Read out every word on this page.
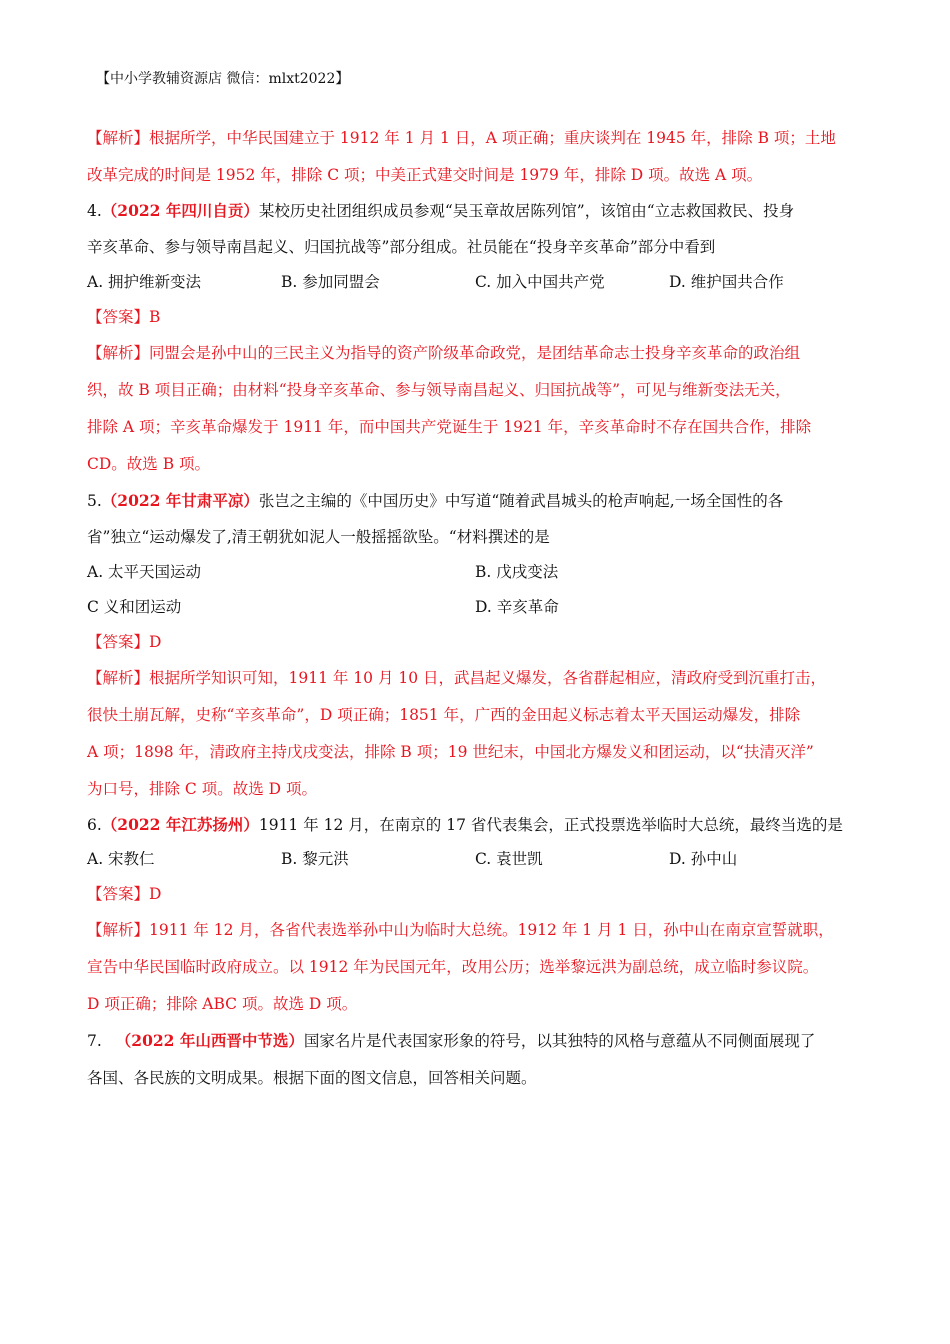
【中小学教辅资源店 微信：mlxt2022】
【解析】根据所学，中华民国建立于 1912 年 1 月 1 日，A 项正确；重庆谈判在 1945 年，排除 B 项；土地
改革完成的时间是 1952 年，排除 C 项；中美正式建交时间是 1979 年，排除 D 项。故选 A 项。
4.（2022 年四川自贡）某校历史社团组织成员参观“吴玉章故居陈列馆”，该馆由“立志救国救民、投身
辛亥革命、参与领导南昌起义、归国抗战等”部分组成。社员能在“投身辛亥革命”部分中看到
A. 拥护维新变法	B. 参加同盟会	C. 加入中国共产党	D. 维护国共合作
【答案】B
【解析】同盟会是孙中山的三民主义为指导的资产阶级革命政党，是团结革命志士投身辛亥革命的政治组
织，故 B 项目正确；由材料“投身辛亥革命、参与领导南昌起义、归国抗战等”，可见与维新变法无关，
排除 A 项；辛亥革命爆发于 1911 年，而中国共产党诞生于 1921 年，辛亥革命时不存在国共合作，排除
CD。故选 B 项。
5.（2022 年甘肃平凉）张岂之主编的《中国历史》中写道“随着武昌城头的枪声响起,一场全国性的各
省”独立“运动爆发了,清王朝犹如泥人一般摇摇欲坠。“材料撰述的是
A. 太平天国运动	B. 戊戌变法
C 义和团运动	D. 辛亥革命
【答案】D
【解析】根据所学知识可知，1911 年 10 月 10 日，武昌起义爆发，各省群起相应，清政府受到沉重打击，
很快土崩瓦解，史称“辛亥革命”，D 项正确；1851 年，广西的金田起义标志着太平天国运动爆发，排除
A 项；1898 年，清政府主持戊戌变法，排除 B 项；19 世纪末，中国北方爆发义和团运动，以“扶清灭洋”
为口号，排除 C 项。故选 D 项。
6.（2022 年江苏扬州）1911 年 12 月，在南京的 17 省代表集会，正式投票选举临时大总统，最终当选的是
A. 宋教仁	B. 黎元洪	C. 袁世凯	D. 孙中山
【答案】D
【解析】1911 年 12 月，各省代表选举孙中山为临时大总统。1912 年 1 月 1 日，孙中山在南京宣誓就职，
宣告中华民国临时政府成立。以 1912 年为民国元年，改用公历；选举黎远洪为副总统，成立临时参议院。
D 项正确；排除 ABC 项。故选 D 项。
7. （2022 年山西晋中节选）国家名片是代表国家形象的符号，以其独特的风格与意蕴从不同侧面展现了
各国、各民族的文明成果。根据下面的图文信息，回答相关问题。
